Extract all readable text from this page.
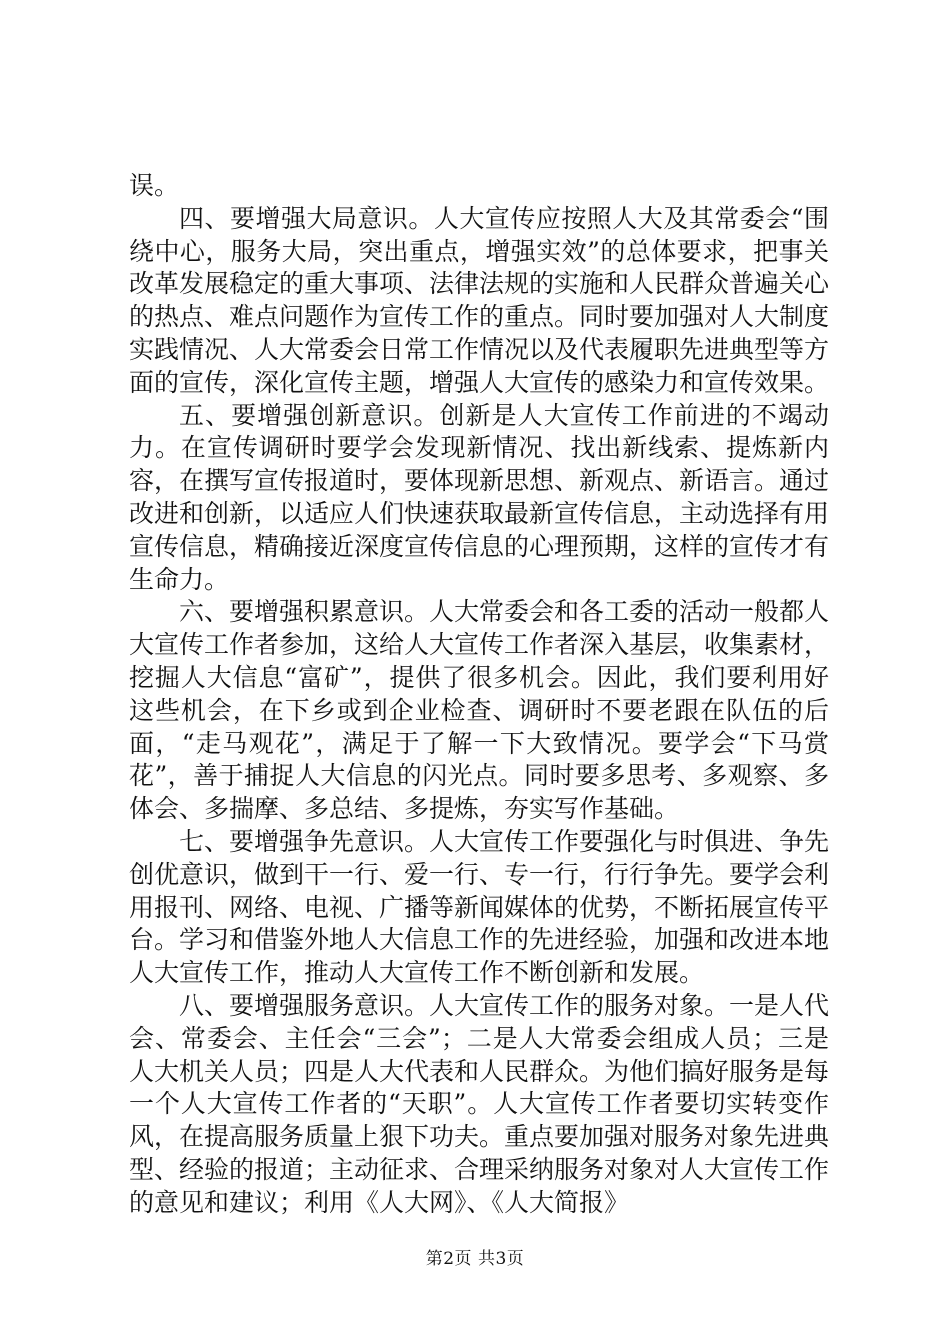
误。

四、要增强大局意识。人大宣传应按照人大及其常委会“围绕中心，服务大局，突出重点，增强实效”的总体要求，把事关改革发展稳定的重大事项、法律法规的实施和人民群众普遍关心的热点、难点问题作为宣传工作的重点。同时要加强对人大制度实践情况、人大常委会日常工作情况以及代表履职先进典型等方面的宣传，深化宣传主题，增强人大宣传的感染力和宣传效果。

五、要增强创新意识。创新是人大宣传工作前进的不竭动力。在宣传调研时要学会发现新情况、找出新线索、提炼新内容，在撰写宣传报道时，要体现新思想、新观点、新语言。通过改进和创新，以适应人们快速获取最新宣传信息，主动选择有用宣传信息，精确接近深度宣传信息的心理预期，这样的宣传才有生命力。

六、要增强积累意识。人大常委会和各工委的活动一般都人大宣传工作者参加，这给人大宣传工作者深入基层，收集素材，挖掘人大信息“富矿”，提供了很多机会。因此，我们要利用好这些机会，在下乡或到企业检查、调研时不要老跟在队伍的后面，“走马观花”，满足于了解一下大致情况。要学会“下马赏花”，善于捕捉人大信息的闪光点。同时要多思考、多观察、多体会、多揣摩、多总结、多提炼，夯实写作基础。

七、要增强争先意识。人大宣传工作要强化与时俱进、争先创优意识，做到干一行、爱一行、专一行，行行争先。要学会利用报刊、网络、电视、广播等新闻媒体的优势，不断拓展宣传平台。学习和借鉴外地人大信息工作的先进经验，加强和改进本地人大宣传工作，推动人大宣传工作不断创新和发展。

八、要增强服务意识。人大宣传工作的服务对象。一是人代会、常委会、主任会“三会”；二是人大常委会组成人员；三是人大机关人员；四是人大代表和人民群众。为他们搞好服务是每一个人大宣传工作者的“天职”。人大宣传工作者要切实转变作风，在提高服务质量上狠下功夫。重点要加强对服务对象先进典型、经验的报道；主动征求、合理采纳服务对象对人大宣传工作的意见和建议；利用《人大网》、《人大简报》

第2页 共3页
